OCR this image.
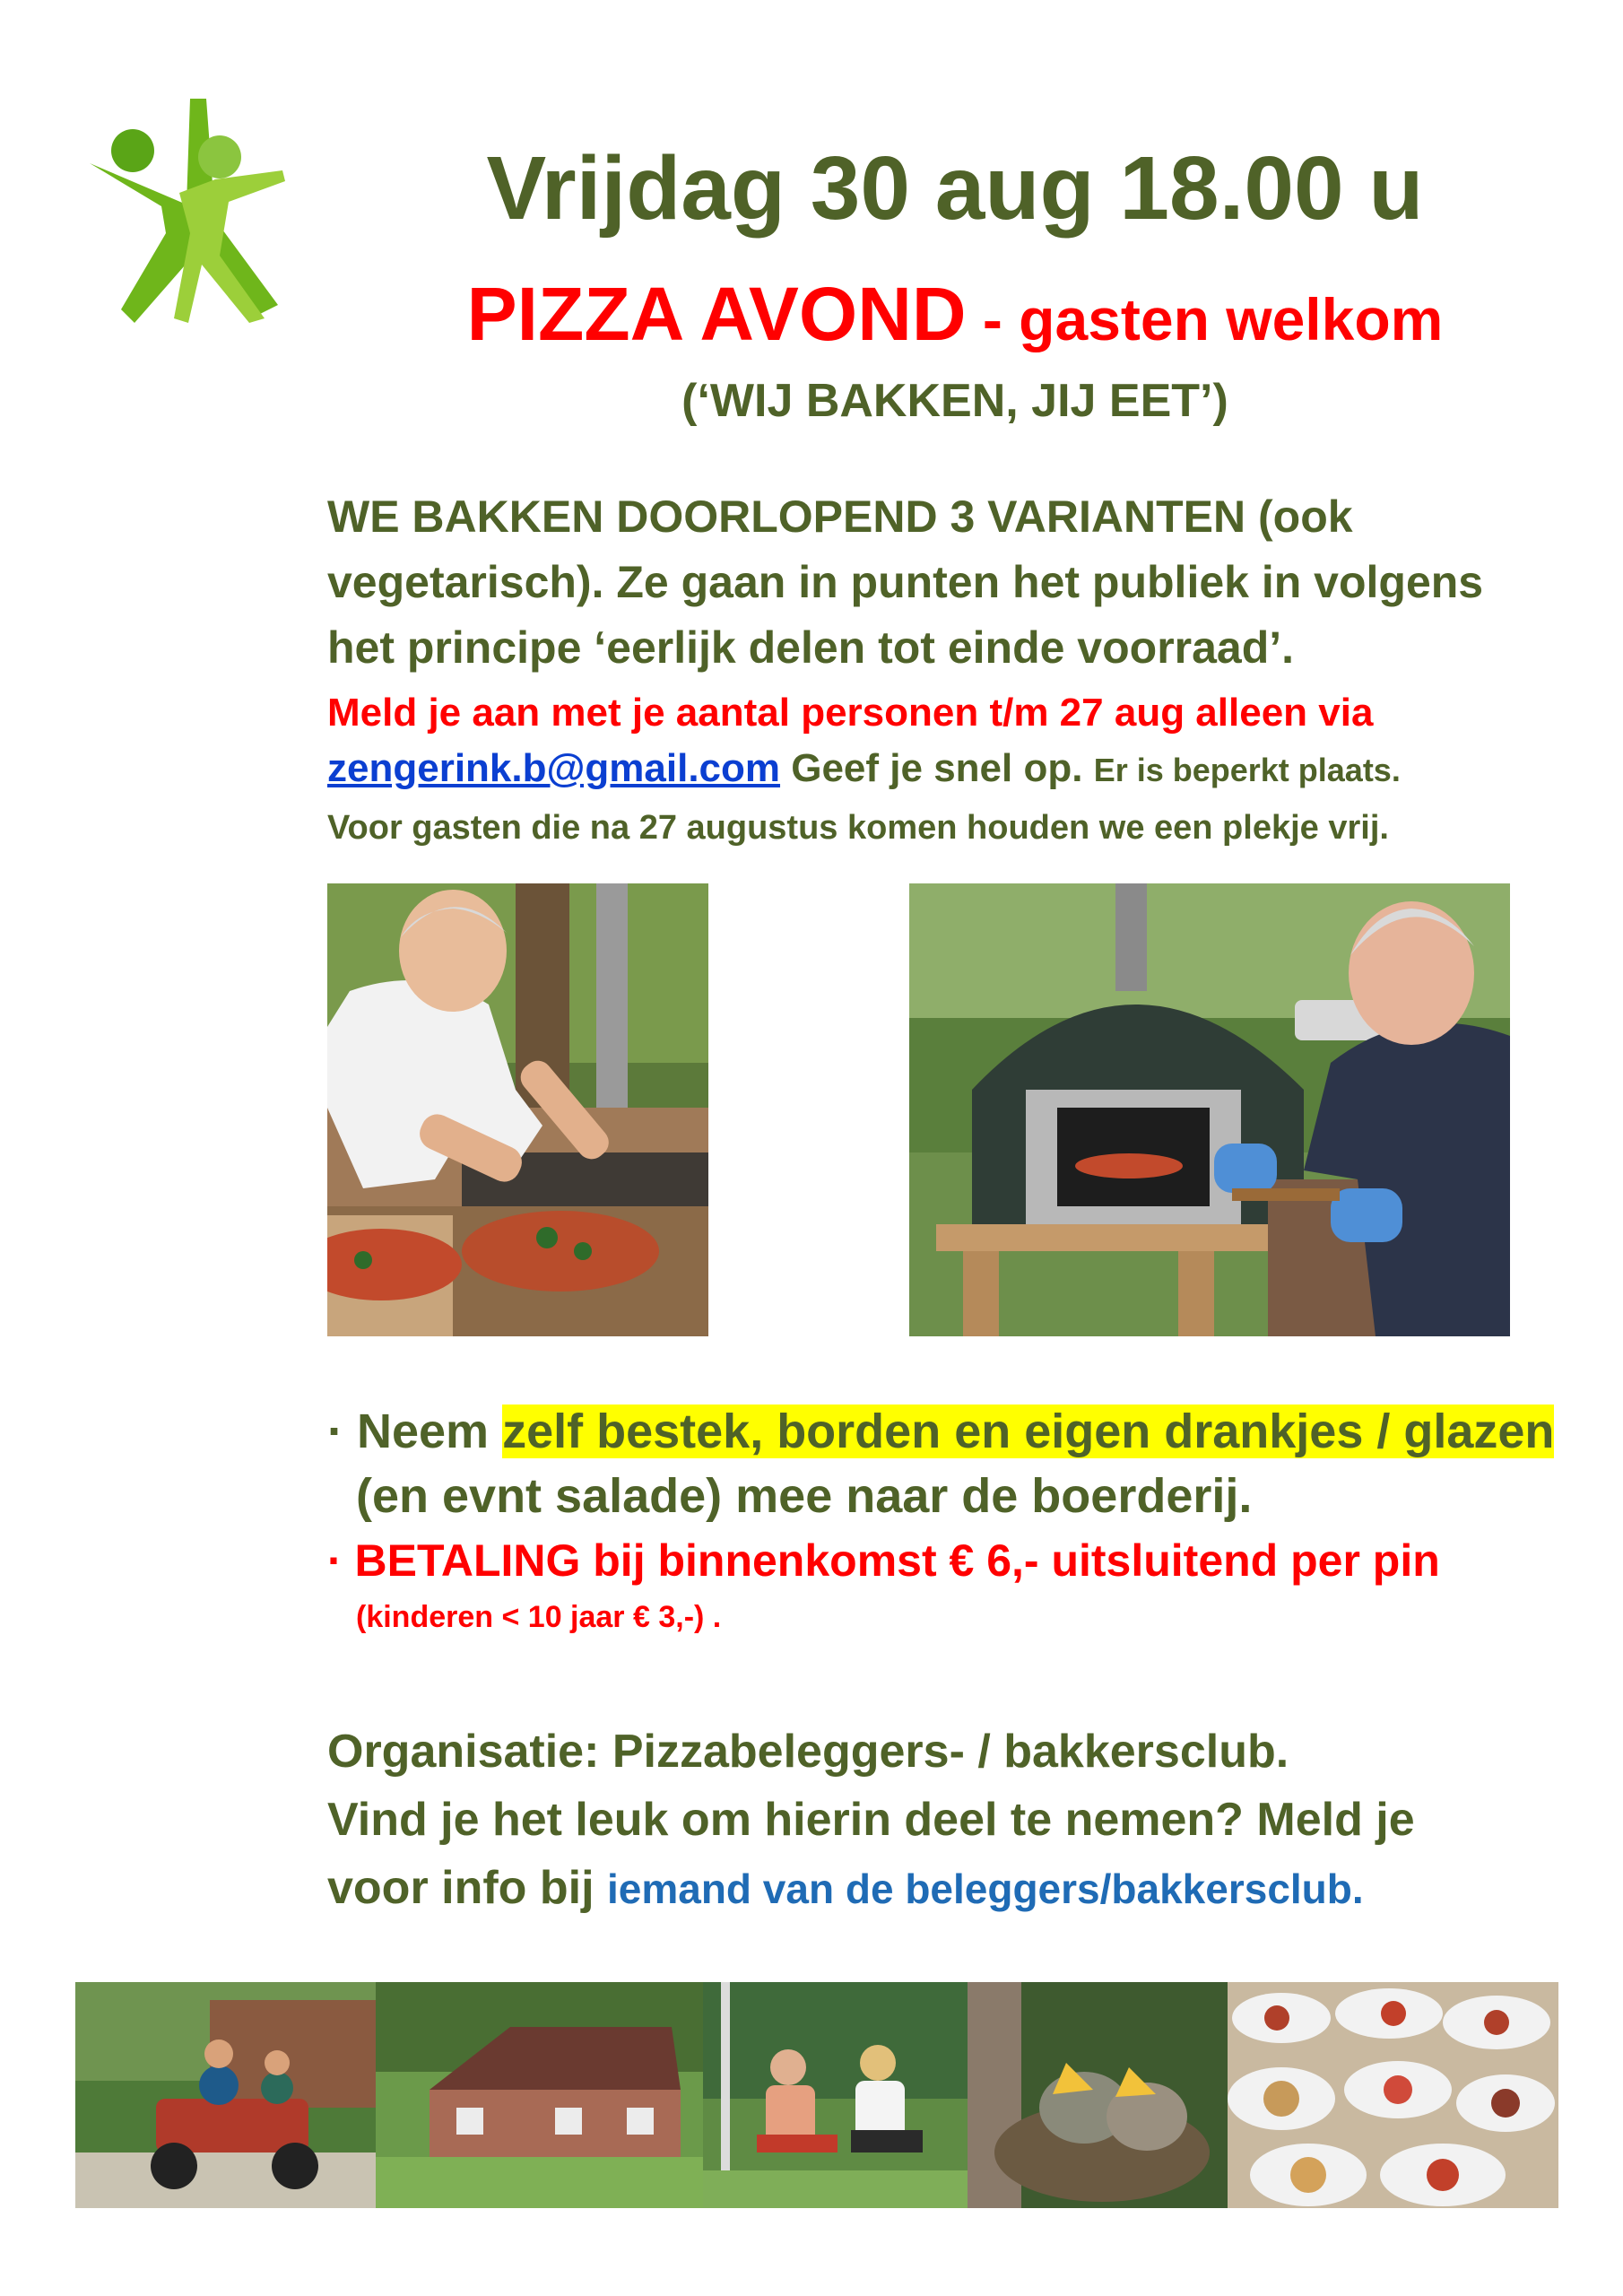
Vrijdag 30 aug 18.00 u
PIZZA AVOND - gasten welkom
(‘WIJ BAKKEN, JIJ EET’)
WE BAKKEN DOORLOPEND 3 VARIANTEN (ook
vegetarisch). Ze gaan in punten het publiek in volgens
het principe ‘eerlijk delen tot einde voorraad’.
Meld je aan met je aantal personen t/m 27 aug alleen via
zengerink.b@gmail.com Geef je snel op. Er is beperkt plaats.
Voor gasten die na 27 augustus komen houden we een plekje vrij.
· Neem zelf bestek, borden en eigen drankjes / glazen
(en evnt salade) mee naar de boerderij.
· BETALING bij binnenkomst € 6,- uitsluitend per pin
(kinderen < 10 jaar € 3,-) .
Organisatie: Pizzabeleggers- / bakkersclub.
Vind je het leuk om hierin deel te nemen? Meld je
voor info bij iemand van de beleggers/bakkersclub.
